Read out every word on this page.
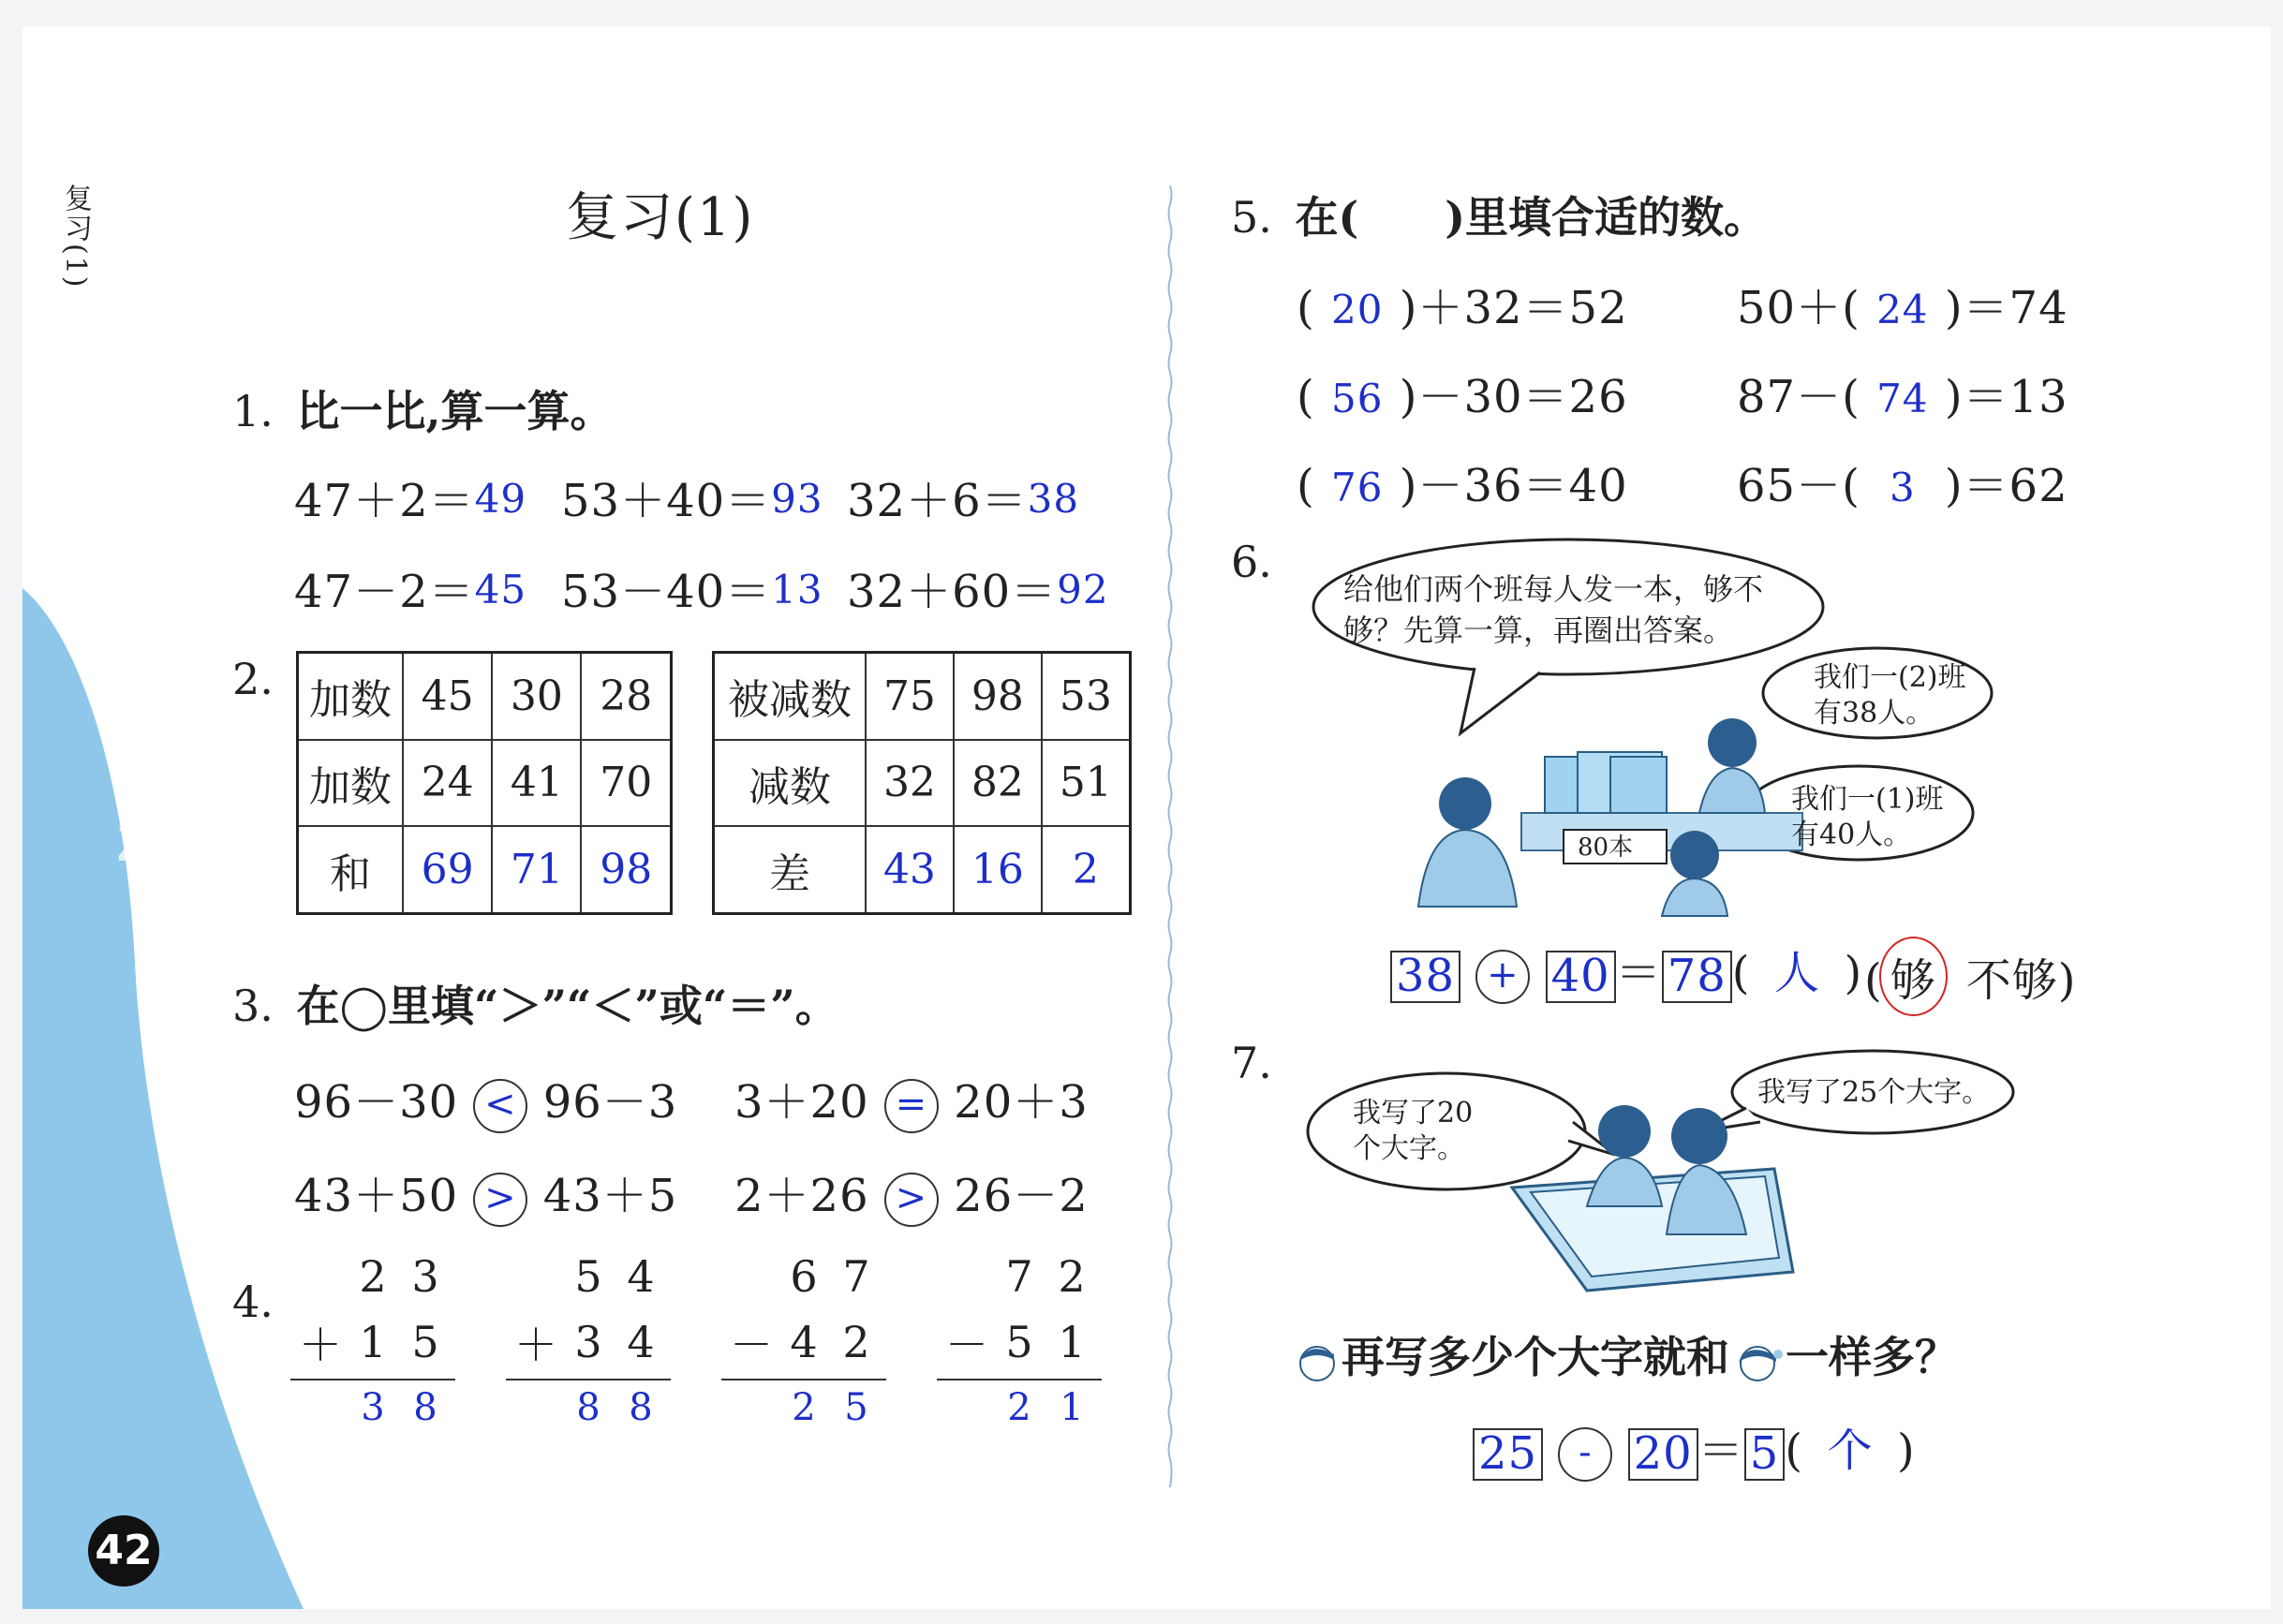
zyjl.cn
复习(1)
42
复习(1)
1. 比一比,算一算。
47＋2＝49 53＋40＝93 32＋6＝38
47－2＝45 53－40＝13 32＋60＝92
2. 加数	45	30	28
加数	24	41	70
和	69	71	98
被减数	75	98	53
减数	32	82	51
差	43	16	2
3. 在◯里填“＞”“＜”或“＝”。
96－30 < 96－3 3＋20 = 20＋3
43＋50 > 43＋5 2＋26 > 26－2
4.
	2	3
＋	1	5
	3	8
	5	4
＋	3	4
	8	8
	6	7
－	4	2
	2	5
	7	2
－	5	1
	2	1
5. 在(　　)里填合适的数。
( 20 )＋32＝52 50＋( 24 )＝74
( 56 )－30＝26 87－( 74 )＝13
( 76 )－36＝40 65－( 3 )＝62
6.
给他们两个班每人发一本，够不
够？先算一算，再圈出答案。
我们一(2)班
有38人。
我们一(1)班
有40人。
80本
38 + 40 ＝ 78 ( 人 ) ( 够 不够)
7.
我写了20
个大字。
我写了25个大字。
再写多少个大字就和 一样多？
25 - 20 ＝ 5 ( 个 )
